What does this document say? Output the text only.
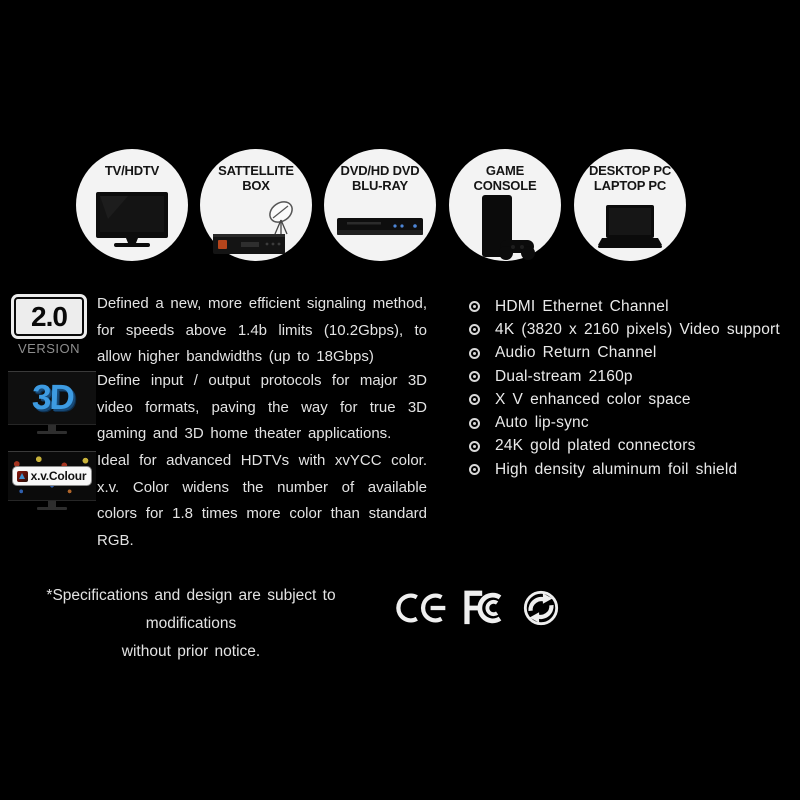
TV/HDTV	SATTELLITE
BOX
DVD/HD DVD
BLU-RAY
GAME
CONSOLE
DESKTOP PC
LAPTOP PC
2.0
VERSION
Defined a new, more efficient signaling method, for speeds above 1.4b limits (10.2Gbps), to allow higher bandwidths (up to 18Gbps)
3D Define input / output protocols for major 3D video formats, paving the way for true 3D gaming and 3D home theater applications.
x.v.Colour
Ideal for advanced HDTVs with xvYCC color. x.v. Color widens the number of available colors for 1.8 times more color than standard RGB.
HDMI Ethernet Channel
4K (3820 x 2160 pixels) Video support
Audio Return Channel
Dual-stream 2160p
X V enhanced color space
Auto lip-sync
24K gold plated connectors
High density aluminum foil shield
*Specifications and design are subject to modifications
without prior notice.
